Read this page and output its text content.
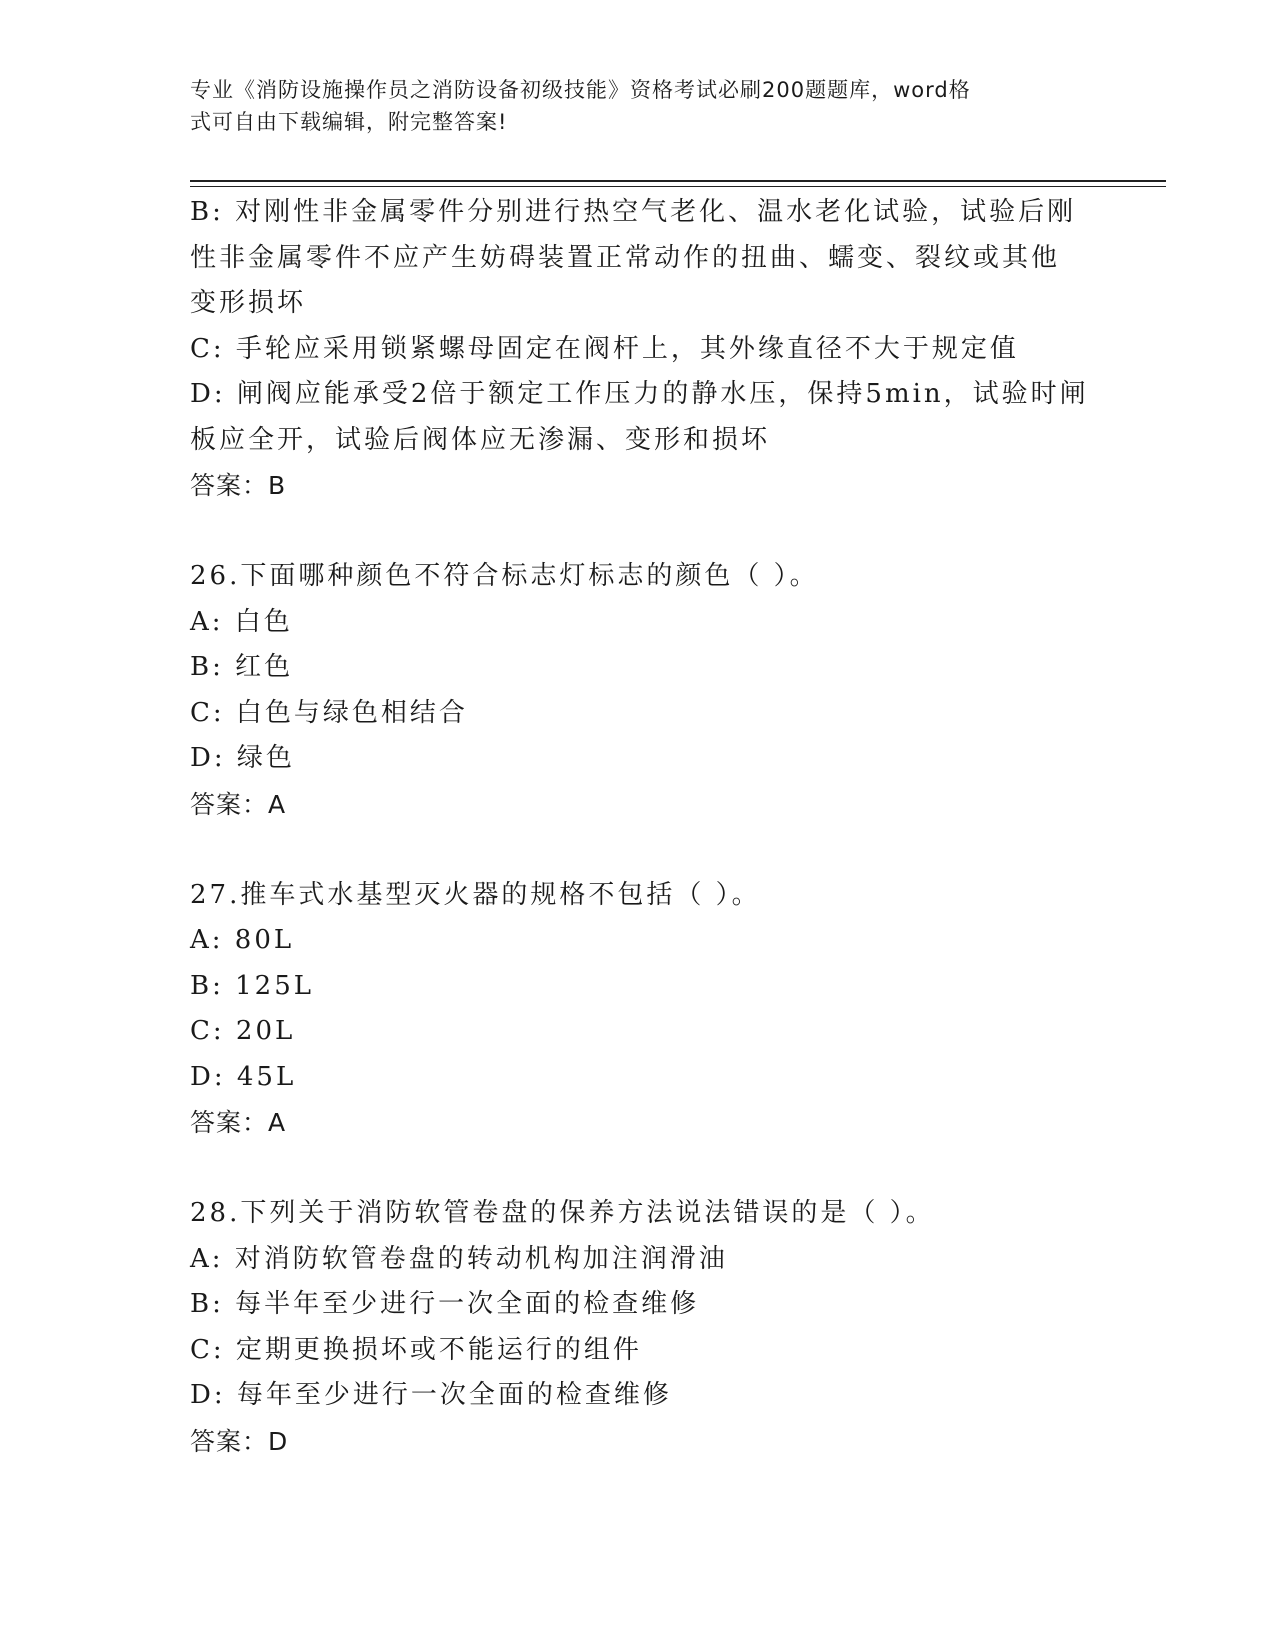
专业《消防设施操作员之消防设备初级技能》资格考试必刷200题题库，word格
式可自由下载编辑，附完整答案!
B: 对刚性非金属零件分别进行热空气老化、温水老化试验，试验后刚
性非金属零件不应产生妨碍装置正常动作的扭曲、蠕变、裂纹或其他
变形损坏
C: 手轮应采用锁紧螺母固定在阀杆上，其外缘直径不大于规定值
D: 闸阀应能承受2倍于额定工作压力的静水压，保持5min，试验时闸
板应全开，试验后阀体应无渗漏、变形和损坏
答案：B
26.下面哪种颜色不符合标志灯标志的颜色（ ）。
A: 白色
B: 红色
C: 白色与绿色相结合
D: 绿色
答案：A
27.推车式水基型灭火器的规格不包括（ ）。
A: 80L
B: 125L
C: 20L
D: 45L
答案：A
28.下列关于消防软管卷盘的保养方法说法错误的是（ ）。
A: 对消防软管卷盘的转动机构加注润滑油
B: 每半年至少进行一次全面的检查维修
C: 定期更换损坏或不能运行的组件
D: 每年至少进行一次全面的检查维修
答案：D
